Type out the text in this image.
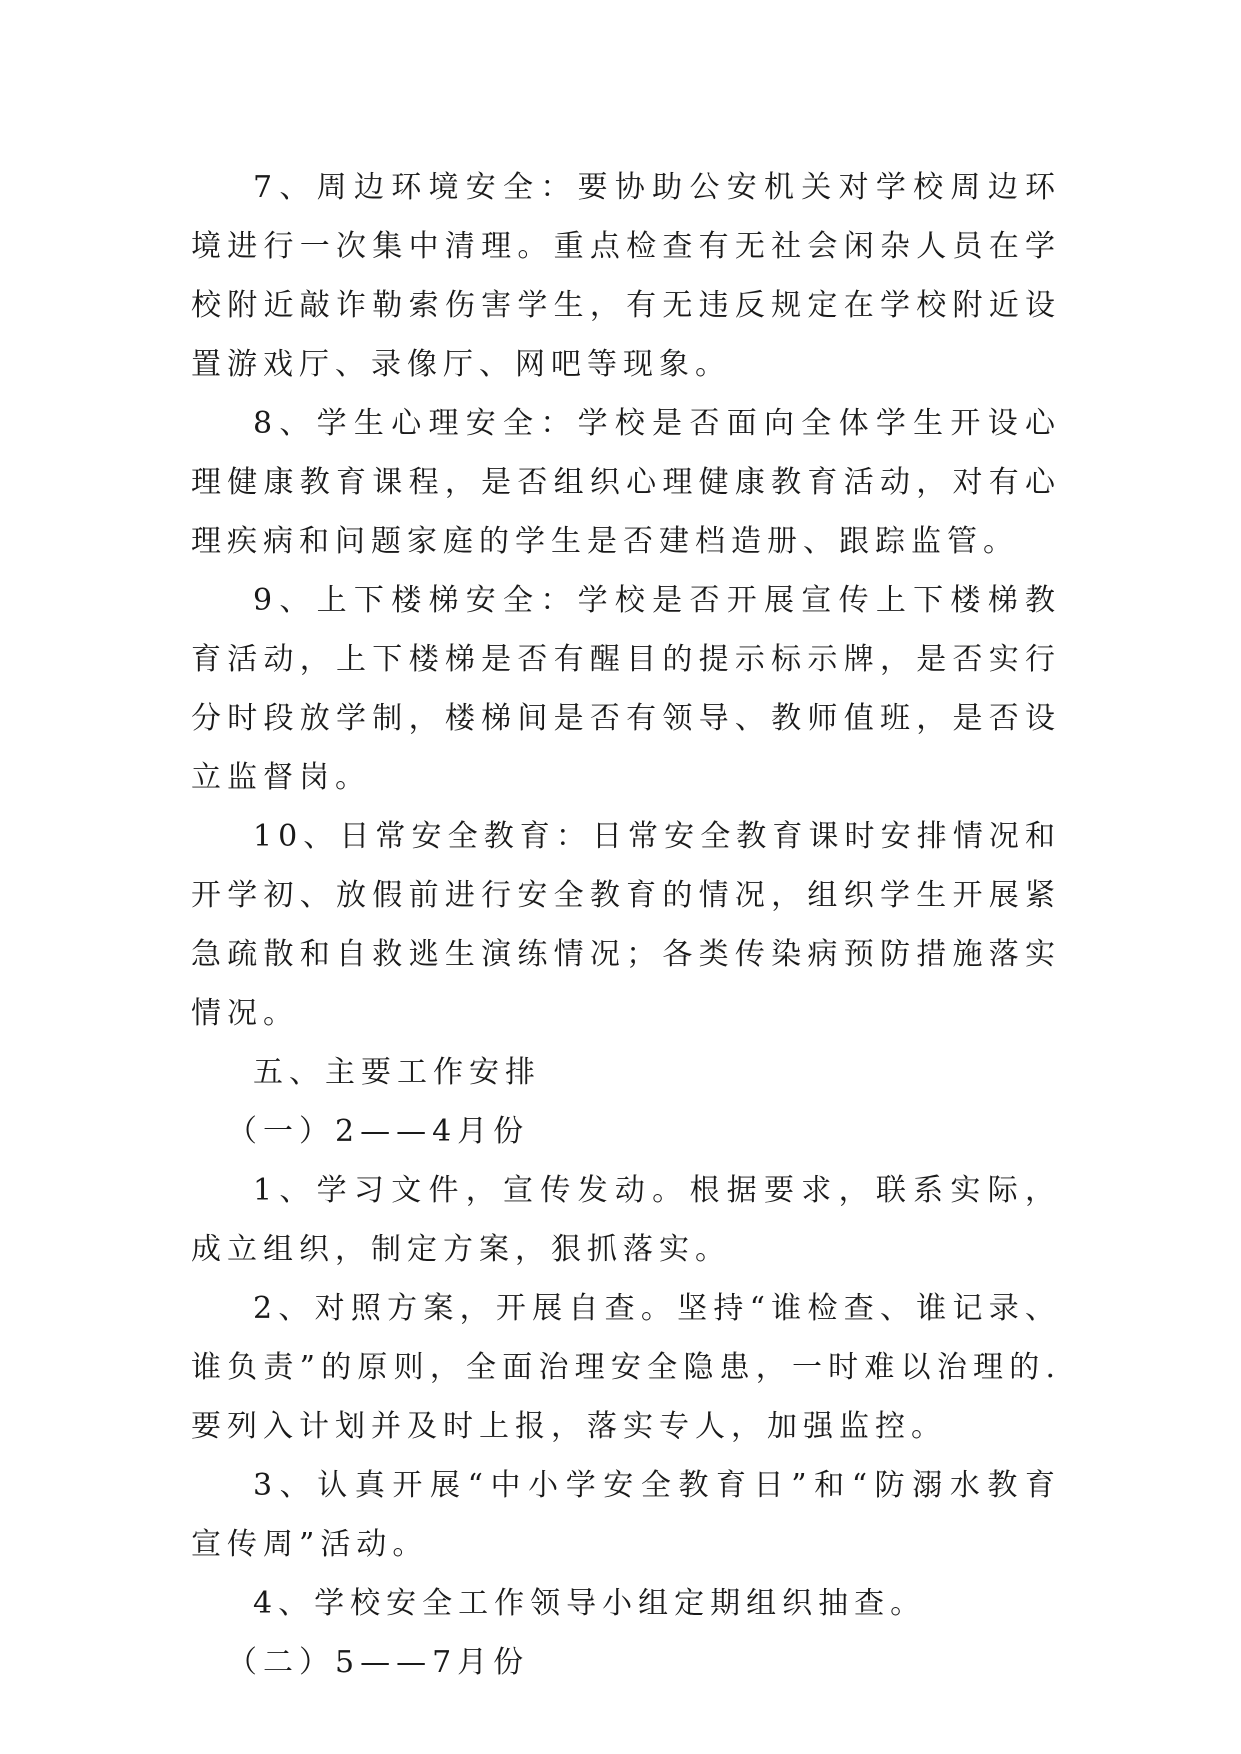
7、周边环境安全：要协助公安机关对学校周边环境进行一次集中清理。重点检查有无社会闲杂人员在学校附近敲诈勒索伤害学生，有无违反规定在学校附近设置游戏厅、录像厅、网吧等现象。

8、学生心理安全：学校是否面向全体学生开设心理健康教育课程，是否组织心理健康教育活动，对有心理疾病和问题家庭的学生是否建档造册、跟踪监管。

9、上下楼梯安全：学校是否开展宣传上下楼梯教育活动，上下楼梯是否有醒目的提示标示牌，是否实行分时段放学制，楼梯间是否有领导、教师值班，是否设立监督岗。

10、日常安全教育：日常安全教育课时安排情况和开学初、放假前进行安全教育的情况，组织学生开展紧急疏散和自救逃生演练情况；各类传染病预防措施落实情况。

五、主要工作安排

（一）2——4月份

1、学习文件，宣传发动。根据要求，联系实际，成立组织，制定方案，狠抓落实。

2、对照方案，开展自查。坚持“谁检查、谁记录、谁负责”的原则，全面治理安全隐患，一时难以治理的.要列入计划并及时上报，落实专人，加强监控。

3、认真开展“中小学安全教育日”和“防溺水教育宣传周”活动。

4、学校安全工作领导小组定期组织抽查。

（二）5——7月份
